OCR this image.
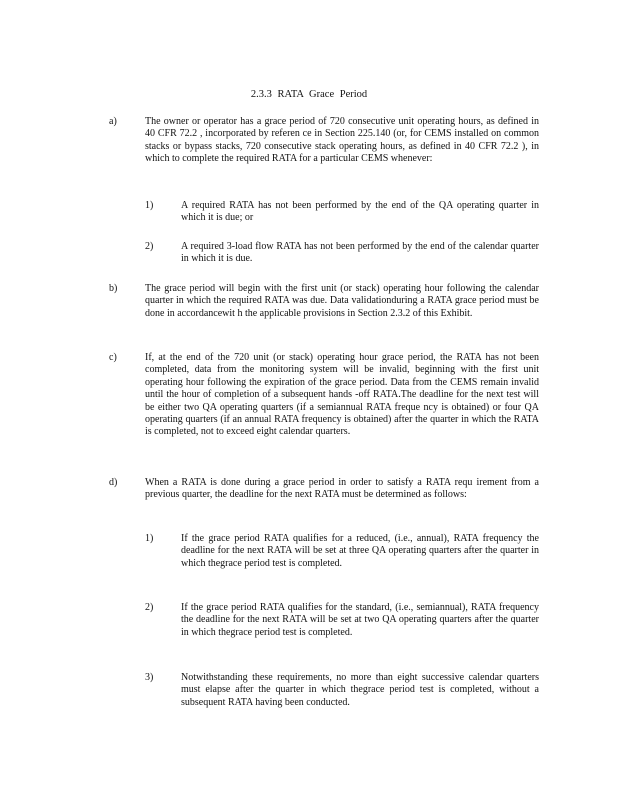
2.3.3 RATA Grace Period
a)	The owner or operator has a grace period of 720 consecutive unit operating hours, as defined in 40 CFR 72.2 , incorporated by referen ce in Section 225.140 (or, for CEMS installed on common stacks or bypass stacks, 720 consecutive stack operating hours, as defined in 40 CFR 72.2 ), in which to complete the required RATA for a particular CEMS whenever:
1)	A required RATA has not been performed by the end of the QA operating quarter in which it is due; or
2)	A required 3-load flow RATA has not been performed by the end of the calendar quarter in which it is due.
b)	The grace period will begin with the first unit (or stack) operating hour following the calendar quarter in which the required RATA was due. Data validationduring a RATA grace period must be done in accordancewit h the applicable provisions in Section 2.3.2 of this Exhibit.
c)	If, at the end of the 720 unit (or stack) operating hour grace period, the RATA has not been completed, data from the monitoring system will be invalid, beginning with the first unit operating hour following the expiration of the grace period. Data from the CEMS remain invalid until the hour of completion of a subsequent hands -off RATA.The deadline for the next test will be either two QA operating quarters (if a semiannual RATA freque ncy is obtained) or four QA operating quarters (if an annual RATA frequency is obtained) after the quarter in which the RATA is completed, not to exceed eight calendar quarters.
d)	When a RATA is done during a grace period in order to satisfy a RATA requ irement from a previous quarter, the deadline for the next RATA must be determined as follows:
1)	If the grace period RATA qualifies for a reduced, (i.e., annual), RATA frequency the deadline for the next RATA will be set at three QA operating quarters after the quarter in which thegrace period test is completed.
2)	If the grace period RATA qualifies for the standard, (i.e., semiannual), RATA frequency the deadline for the next RATA will be set at two QA operating quarters after the quarter in which thegrace period test is completed.
3)	Notwithstanding these requirements, no more than eight successive calendar quarters must elapse after the quarter in which thegrace period test is completed, without a subsequent RATA having been conducted.
